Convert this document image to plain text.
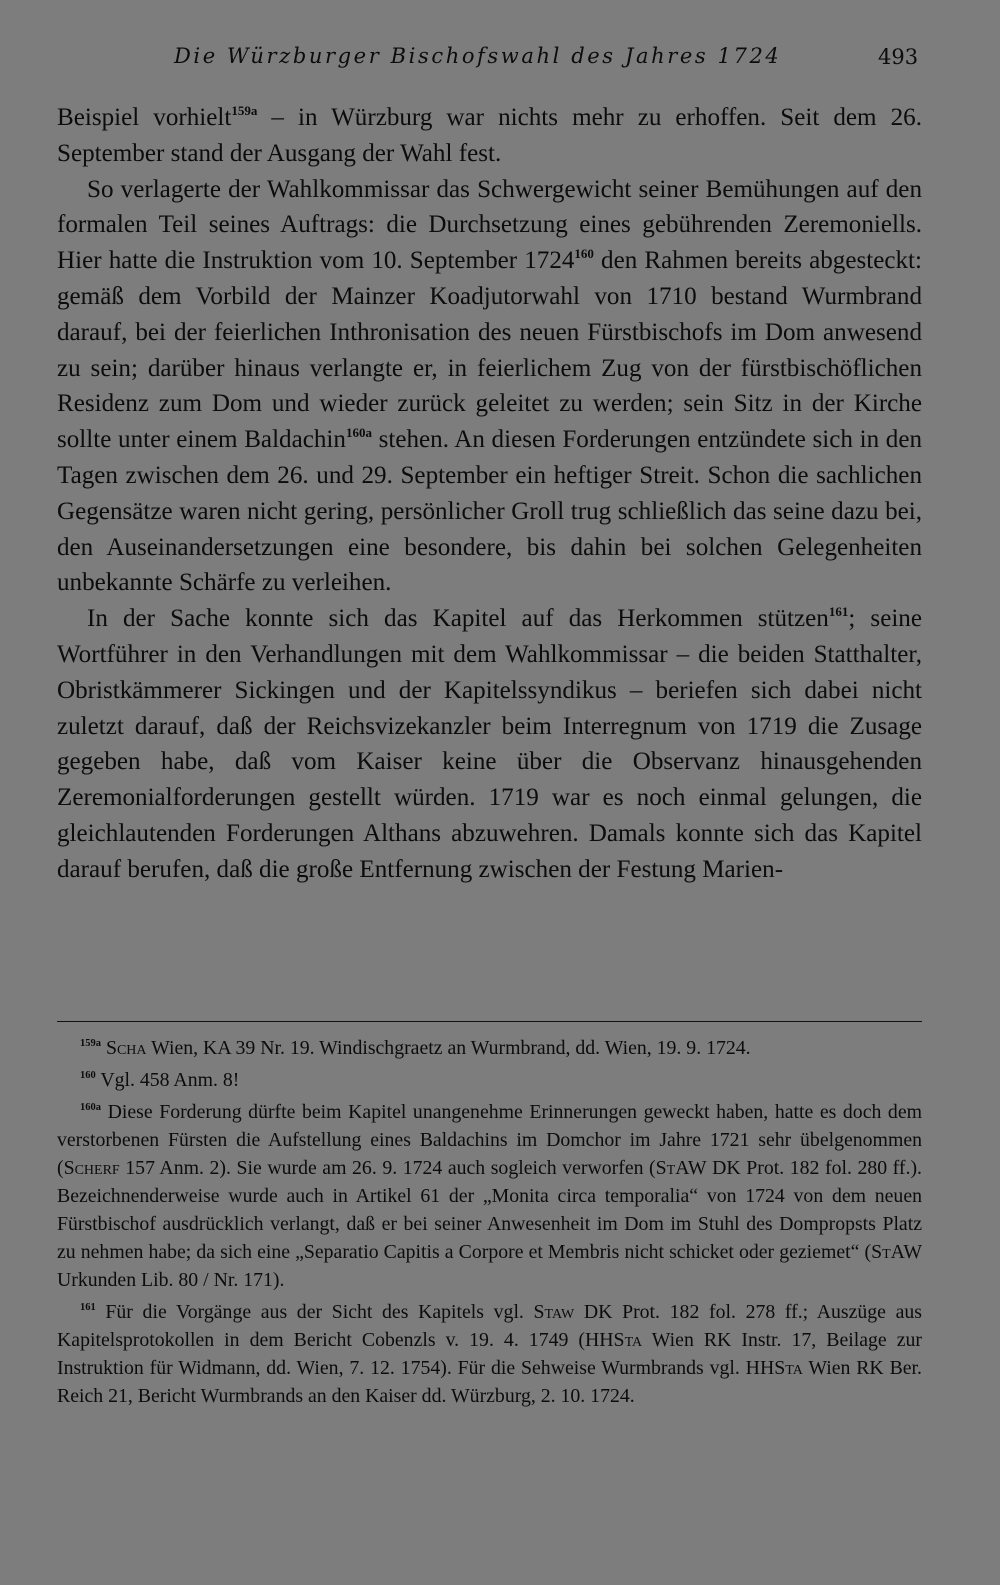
Die Würzburger Bischofswahl des Jahres 1724	493

Beispiel vorhielt$^{159a}$ – in Würzburg war nichts mehr zu erhoffen. Seit dem 26. September stand der Ausgang der Wahl fest.

So verlagerte der Wahlkommissar das Schwergewicht seiner Bemühungen auf den formalen Teil seines Auftrags: die Durchsetzung eines gebührenden Zeremoniells. Hier hatte die Instruktion vom 10. September 1724$^{160}$ den Rahmen bereits abgesteckt: gemäß dem Vorbild der Mainzer Koadjutorwahl von 1710 bestand Wurmbrand darauf, bei der feierlichen Inthronisation des neuen Fürstbischofs im Dom anwesend zu sein; darüber hinaus verlangte er, in feierlichem Zug von der fürstbischöflichen Residenz zum Dom und wieder zurück geleitet zu werden; sein Sitz in der Kirche sollte unter einem Baldachin$^{160a}$ stehen. An diesen Forderungen entzündete sich in den Tagen zwischen dem 26. und 29. September ein heftiger Streit. Schon die sachlichen Gegensätze waren nicht gering, persönlicher Groll trug schließlich das seine dazu bei, den Auseinandersetzungen eine besondere, bis dahin bei solchen Gelegenheiten unbekannte Schärfe zu verleihen.

In der Sache konnte sich das Kapitel auf das Herkommen stützen$^{161}$; seine Wortführer in den Verhandlungen mit dem Wahlkommissar – die beiden Statthalter, Obristkämmerer Sickingen und der Kapitelssyndikus – beriefen sich dabei nicht zuletzt darauf, daß der Reichsvizekanzler beim Interregnum von 1719 die Zusage gegeben habe, daß vom Kaiser keine über die Observanz hinausgehenden Zeremonialforderungen gestellt würden. 1719 war es noch einmal gelungen, die gleichlautenden Forderungen Althans abzuwehren. Damals konnte sich das Kapitel darauf berufen, daß die große Entfernung zwischen der Festung Marien-

$^{159a}$ Scha Wien, KA 39 Nr. 19. Windischgraetz an Wurmbrand, dd. Wien, 19. 9. 1724.

$^{160}$ Vgl. 458 Anm. 8!

$^{160a}$ Diese Forderung dürfte beim Kapitel unangenehme Erinnerungen geweckt haben, hatte es doch dem verstorbenen Fürsten die Aufstellung eines Baldachins im Domchor im Jahre 1721 sehr übelgenommen (Scherf 157 Anm. 2). Sie wurde am 26. 9. 1724 auch sogleich verworfen (StAW DK Prot. 182 fol. 280 ff.). Bezeichnenderweise wurde auch in Artikel 61 der „Monita circa temporalia“ von 1724 von dem neuen Fürstbischof ausdrücklich verlangt, daß er bei seiner Anwesenheit im Dom im Stuhl des Dompropsts Platz zu nehmen habe; da sich eine „Separatio Capitis a Corpore et Membris nicht schicket oder geziemet“ (StAW Urkunden Lib. 80 / Nr. 171).

$^{161}$ Für die Vorgänge aus der Sicht des Kapitels vgl. Staw DK Prot. 182 fol. 278 ff.; Auszüge aus Kapitelsprotokollen in dem Bericht Cobenzls v. 19. 4. 1749 (HHSta Wien RK Instr. 17, Beilage zur Instruktion für Widmann, dd. Wien, 7. 12. 1754). Für die Sehweise Wurmbrands vgl. HHSta Wien RK Ber. Reich 21, Bericht Wurmbrands an den Kaiser dd. Würzburg, 2. 10. 1724.
